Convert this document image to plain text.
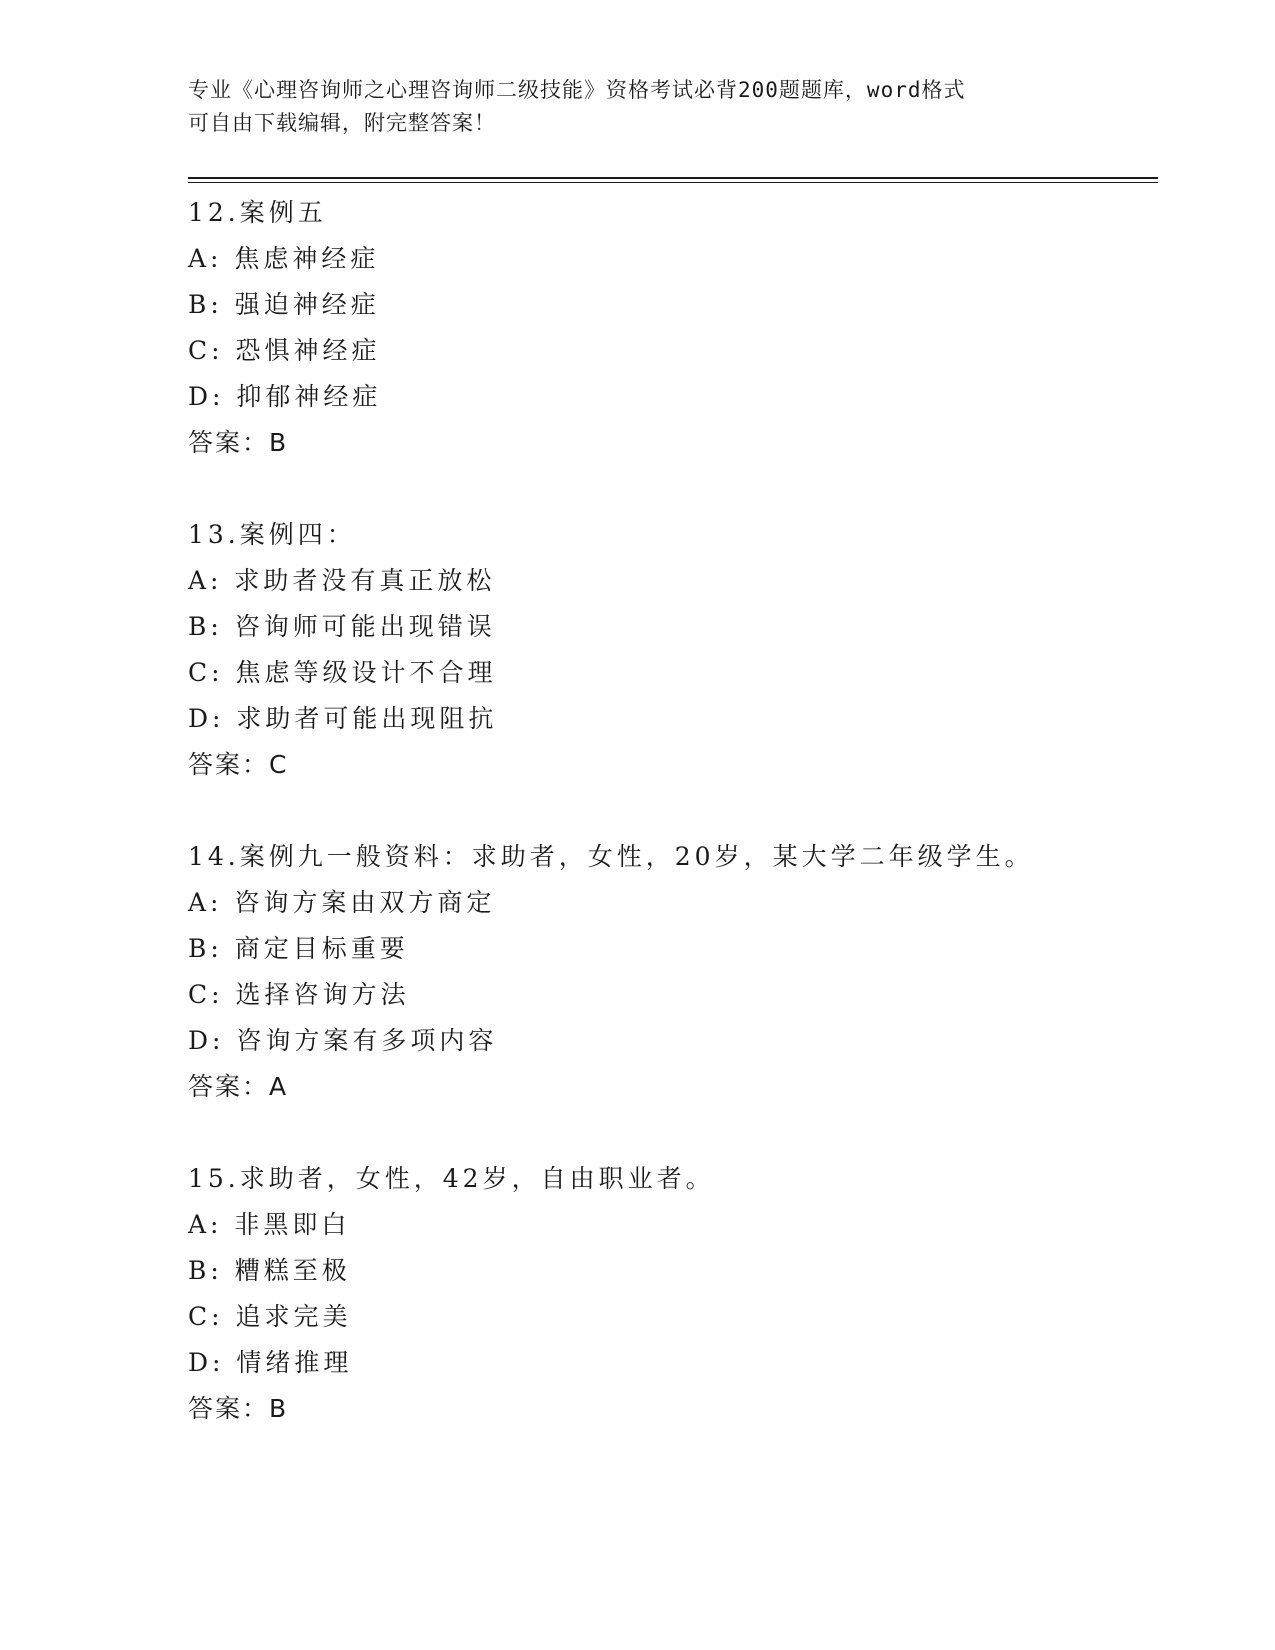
专业《心理咨询师之心理咨询师二级技能》资格考试必背200题题库，word格式
可自由下载编辑，附完整答案！
12.案例五
A: 焦虑神经症
B: 强迫神经症
C: 恐惧神经症
D: 抑郁神经症
答案：B
13.案例四：
A: 求助者没有真正放松
B: 咨询师可能出现错误
C: 焦虑等级设计不合理
D: 求助者可能出现阻抗
答案：C
14.案例九一般资料：求助者，女性，20岁，某大学二年级学生。
A: 咨询方案由双方商定
B: 商定目标重要
C: 选择咨询方法
D: 咨询方案有多项内容
答案：A
15.求助者，女性，42岁，自由职业者。
A: 非黑即白
B: 糟糕至极
C: 追求完美
D: 情绪推理
答案：B
